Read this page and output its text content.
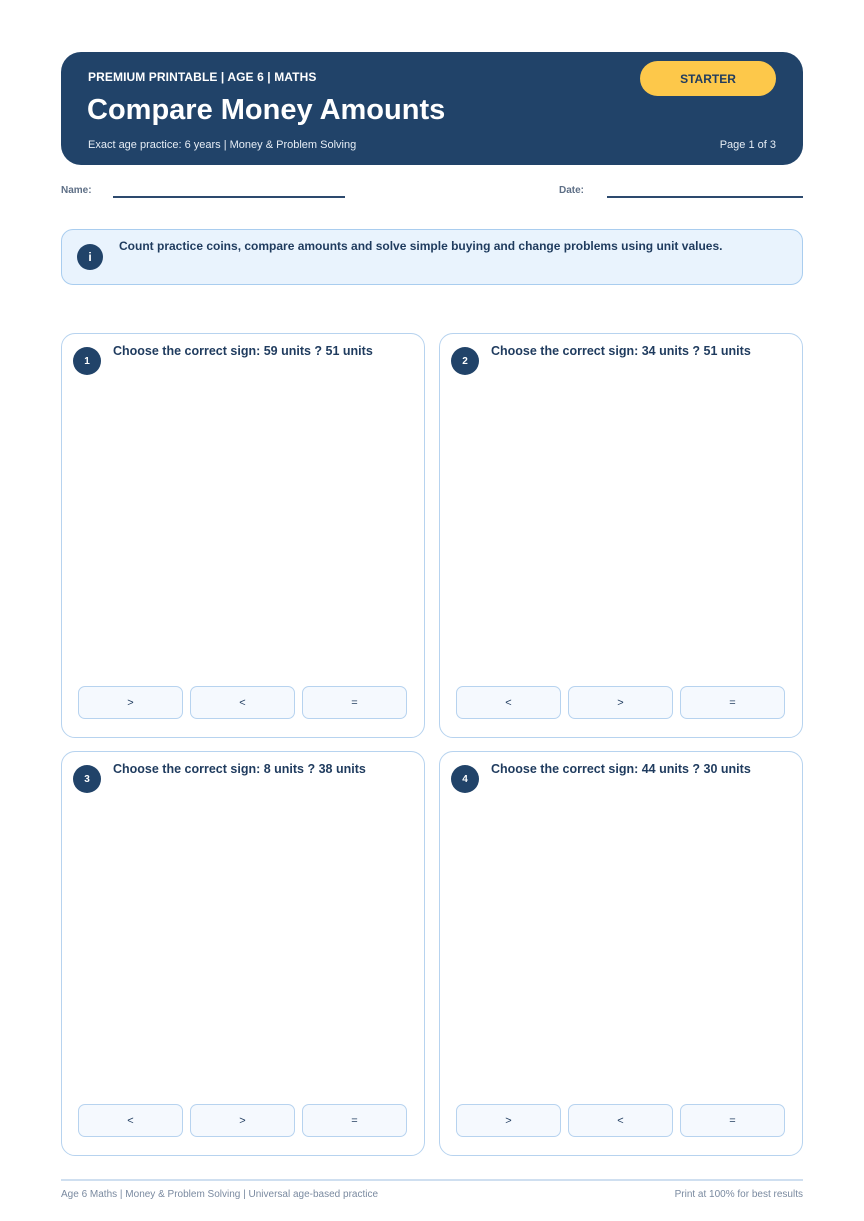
PREMIUM PRINTABLE | AGE 6 | MATHS
Compare Money Amounts
Exact age practice: 6 years | Money & Problem Solving	Page 1 of 3
STARTER
Name:	Date:
i
Count practice coins, compare amounts and solve simple buying and change problems using unit values.
1
Choose the correct sign: 59 units ? 51 units
>	<	=
2
Choose the correct sign: 34 units ? 51 units
<	>	=
3
Choose the correct sign: 8 units ? 38 units
<	>	=
4
Choose the correct sign: 44 units ? 30 units
>	<	=
Age 6 Maths | Money & Problem Solving | Universal age-based practice	Print at 100% for best results
